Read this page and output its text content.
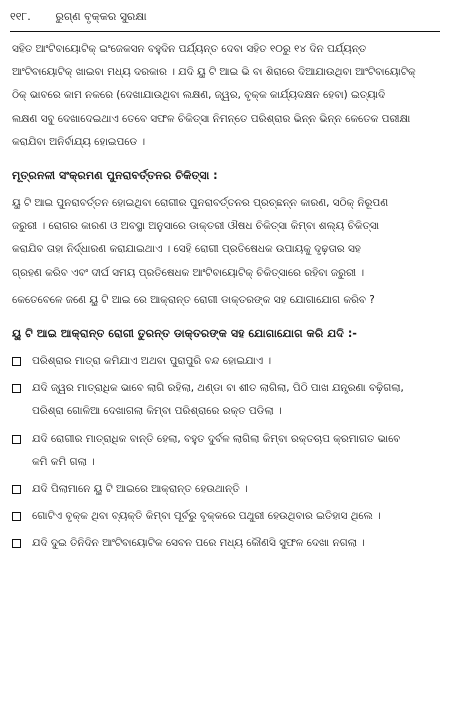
୧୧୮. ରୁଗ୍ଣ ବୃକ୍କର ସୁରକ୍ଷା

ସହିତ ଆଂଟିବାୟୋଟିକ୍ ଇଂଜେକସନ ବହୁଦିନ ପର୍ଯ୍ୟନ୍ତ ଦେବା ସହିତ ୧୦ରୁ ୧୪ ଦିନ ପର୍ଯ୍ୟନ୍ତ
ଆଂଟିବାୟୋଟିକ୍ ଖାଇବା ମଧ୍ୟ ଦରକାର । ଯଦି ୟୁ ଟି ଆଇ ଭି ବା ଶିରାରେ ଦିଆଯାଉଥିବା ଆଂଟିବାୟୋଟିକ୍
ଠିକ୍ ଭାବରେ କାମ ନକରେ (ଦେଖାଯାଉଥିବା ଲକ୍ଷଣ, ଜ୍ୱର, ବୃକ୍କ କାର୍ଯ୍ୟଦକ୍ଷନ ହେବା) ଇତ୍ୟାଦି
ଲକ୍ଷଣ ସବୁ ଦେଖାଦେଇଥାଏ ତେବେ ସଫଳ ଚିକିତ୍ସା ନିମନ୍ତେ ପରିଶ୍ରାର ଭିନ୍ନ ଭିନ୍ନ କେତେକ ପରୀକ୍ଷା
କରାଯିବା ଅନିର୍ବାଯ୍ୟ ହୋଇପଡେ ।

ମୂତ୍ରନଳୀ ସଂକ୍ରମଣ ପୁନରାବର୍ତ୍ତନର ଚିକିତ୍ସା :

ୟୁ ଟି ଆଇ ପୁନରାବର୍ତ୍ତନ ହୋଇଥିବା ରୋଗୀର ପୁନରାବର୍ତ୍ତନର ପ୍ରଚ୍ଛନ୍ନ କାରଣ, ସଠିକ୍ ନିରୂପଣ
ଜରୁରୀ । ରୋଗର କାରଣ ଓ ଅବସ୍ଥା ଅନୁସାରେ ଡାକ୍ତରୀ ଔଷଧ ଚିକିତ୍ସା କିମ୍ବା ଶଲ୍ୟ ଚିକିତ୍ସା
କରାଯିବ ତାହା ନିର୍ଦ୍ଧାରଣ କରାଯାଇଥାଏ । ସେହି ରୋଗୀ ପ୍ରତିଷେଧକ ଉପାୟକୁ ଦୃଢ଼ତାର ସହ
ଗ୍ରହଣ କରିବ ଏବଂ ଦୀର୍ଘ ସମୟ ପ୍ରତିଷେଧକ ଆଂଟିବାୟୋଟିକ୍ ଚିକିତ୍ସାରେ ରହିବା ଜରୁରୀ ।

କେତେବେଳେ ଜଣେ ୟୁ ଟି ଆଇ ରେ ଆକ୍ରାନ୍ତ ରୋଗୀ ଡାକ୍ତରଙ୍କ ସହ ଯୋଗାଯୋଗ କରିବ ?

ୟୁ ଟି ଆଇ ଆକ୍ରାନ୍ତ ରୋଗୀ ତୁରନ୍ତ ଡାକ୍ତରଙ୍କ ସହ ଯୋଗାଯୋଗ କରି ଯଦି :-

ପରିଶ୍ରାର ମାତ୍ରା କମିଯାଏ ଅଥବା ପୁରାପୁରି ବନ୍ଦ ହୋଇଯାଏ ।
ଯଦି ଜ୍ୱର ମାତ୍ରାଧିକ ଭାବେ ଲାଗି ରହିଲା, ଥଣ୍ଡା ବା ଶୀତ ଲାଗିଲା, ପିଠି ପାଖ ଯନ୍ତ୍ରଣା ବଢ଼ିଗଲା,
ପରିଶ୍ରା ଗୋଳିଆ ଦେଖାଗଲା କିମ୍ବା ପରିଶ୍ରାରେ ରକ୍ତ ପଡିଲା ।
ଯଦି ରୋଗୀର ମାତ୍ରାଧିକ ବାନ୍ତି ହେଲା, ବହୁତ ଦୁର୍ବଳ ଲାଗିଲା କିମ୍ବା ରକ୍ତଚାପ କ୍ରମାଗତ ଭାବେ
କମି କମି ଗଲା ।
ଯଦି ପିଲାମାନେ ୟୁ ଟି ଆଇରେ ଆକ୍ରାନ୍ତ ହେଉଥାନ୍ତି ।
ଗୋଟିଏ ବୃକ୍କ ଥିବା ବ୍ୟକ୍ତି କିମ୍ବା ପୂର୍ବରୁ ବୃକ୍କରେ ପଥୁରୀ ହେଉଥିବାର ଇତିହାସ ଥିଲେ ।
ଯଦି ଦୁଇ ତିନିଦିନ ଆଂଟିବାୟୋଟିକ ସେବନ ପରେ ମଧ୍ୟ କୌଣସି ସୁଫଳ ଦେଖା ନଗଲା ।
